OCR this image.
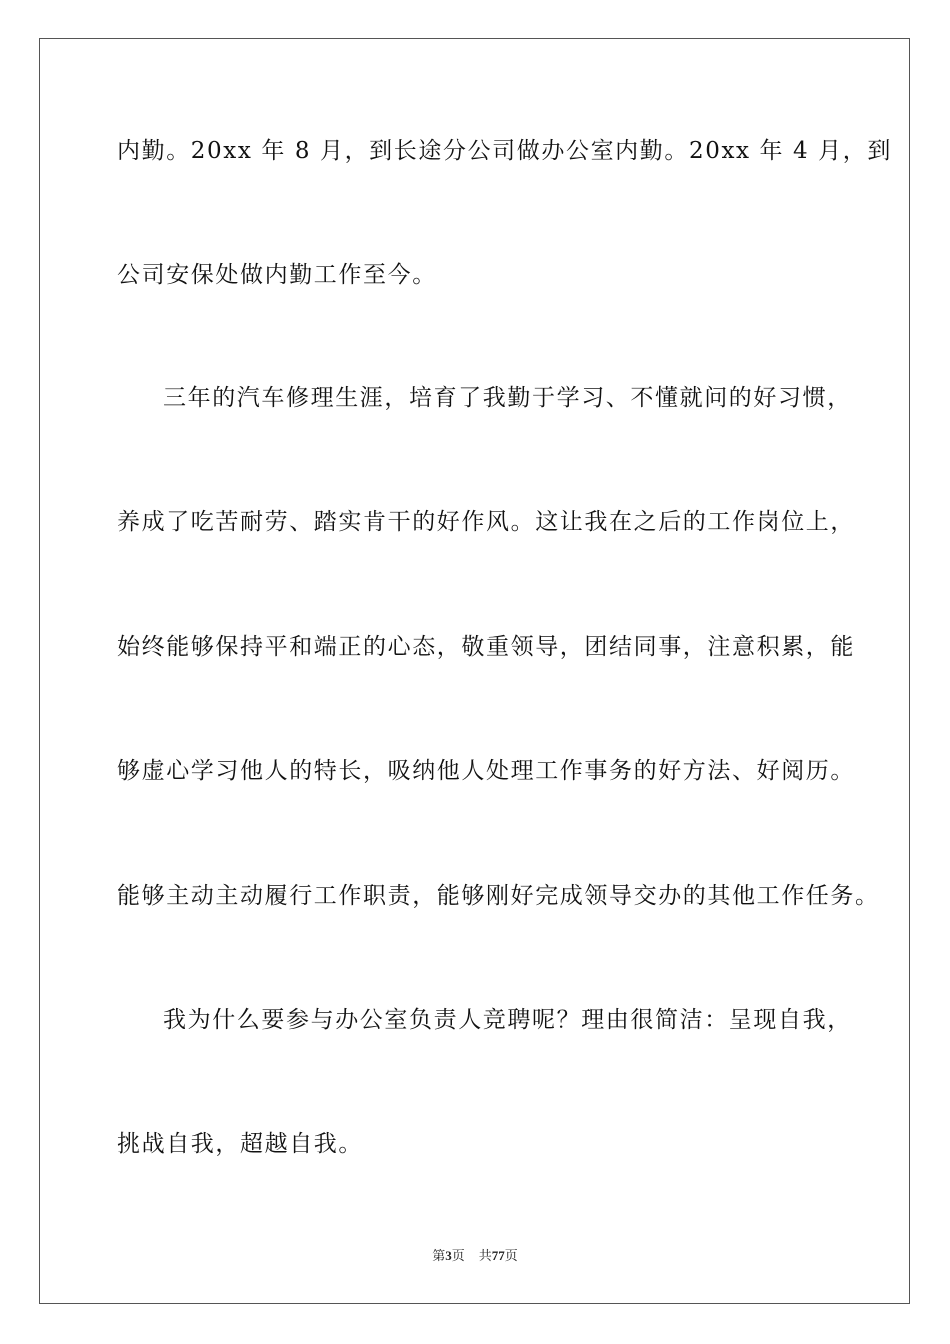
内勤。20xx 年 8 月，到长途分公司做办公室内勤。20xx 年 4 月，到
公司安保处做内勤工作至今。
三年的汽车修理生涯，培育了我勤于学习、不懂就问的好习惯，
养成了吃苦耐劳、踏实肯干的好作风。这让我在之后的工作岗位上，
始终能够保持平和端正的心态，敬重领导，团结同事，注意积累，能
够虚心学习他人的特长，吸纳他人处理工作事务的好方法、好阅历。
能够主动主动履行工作职责，能够刚好完成领导交办的其他工作任务。
我为什么要参与办公室负责人竞聘呢？理由很简洁：呈现自我，
挑战自我，超越自我。
第3页 共77页
